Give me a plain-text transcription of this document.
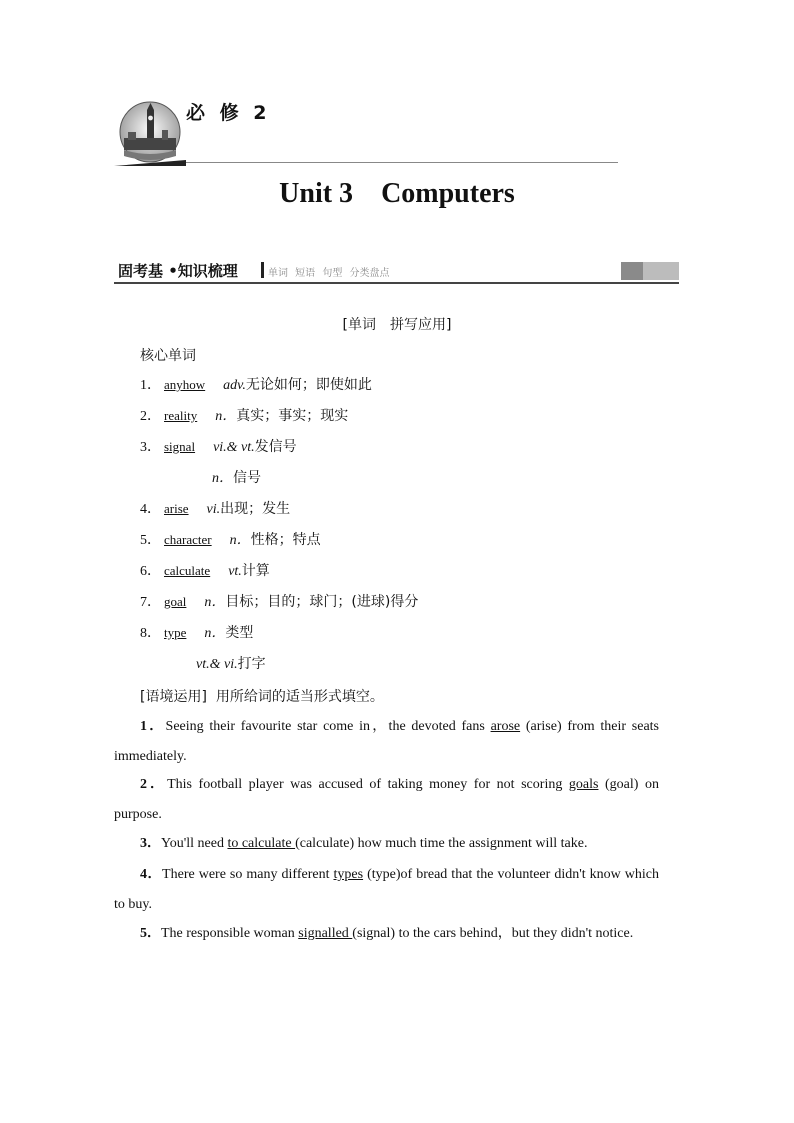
必 修 2
Unit 3 Computers
固考基 •知识梳理	单词 短语 句型 分类盘点
[单词　拼写应用]
核心单词
1． anyhow adv.无论如何；即使如此
2． reality n．真实；事实；现实
3． signal vi.& vt.发信号
n．信号
4． arise vi.出现；发生
5． character n．性格；特点
6． calculate vt.计算
7． goal n．目标；目的；球门；(进球)得分
8． type n．类型
vt.& vi.打字
[语境运用] 用所给词的适当形式填空。
1．Seeing their favourite star come in，the devoted fans arose (arise) from their seats immediately.
2．This football player was accused of taking money for not scoring goals (goal) on purpose.
3．You'll need to calculate (calculate) how much time the assignment will take.
4．There were so many different types (type)of bread that the volunteer didn't know which to buy.
5．The responsible woman signalled (signal) to the cars behind，but they didn't notice.
